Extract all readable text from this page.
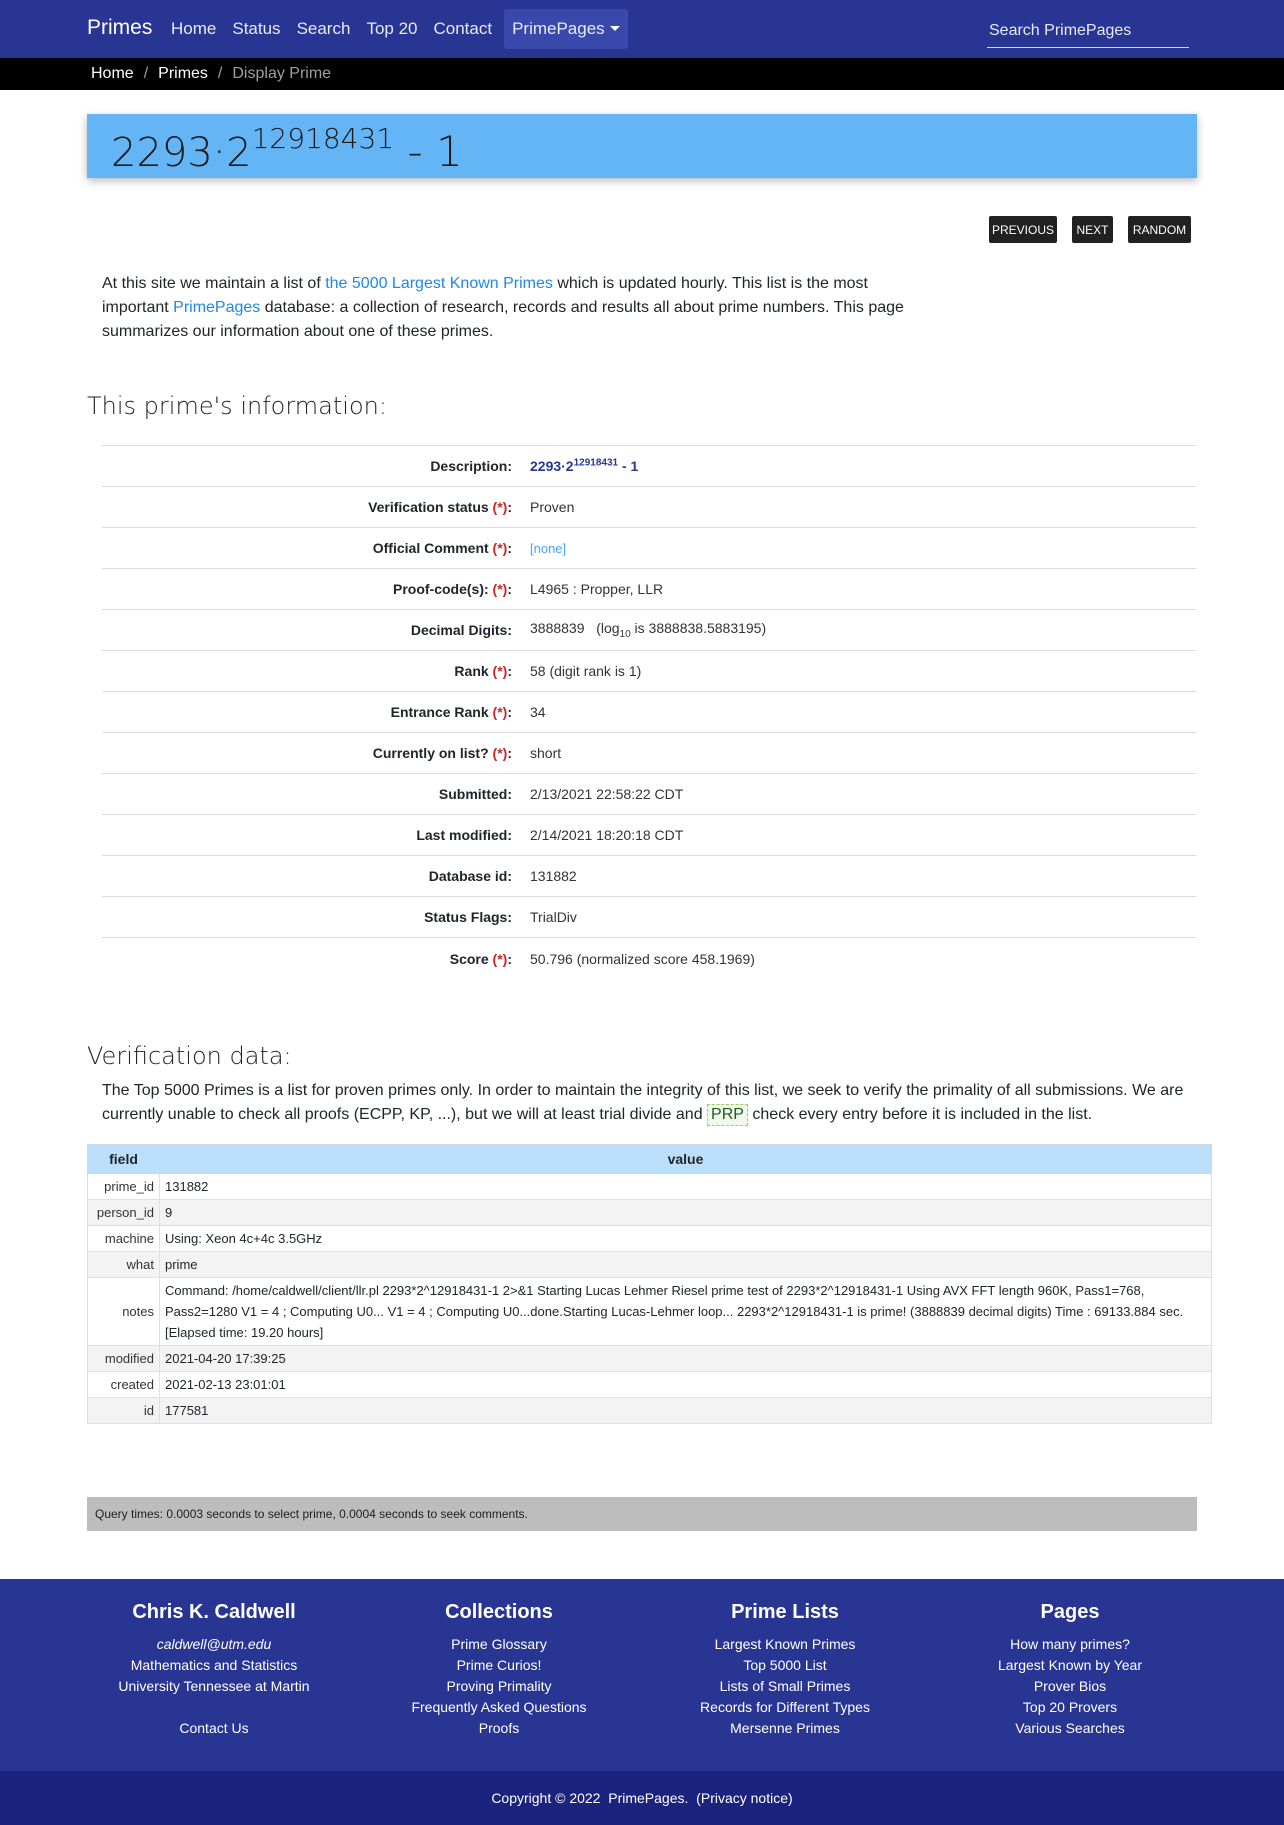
Primes	Home Status Search Top 20 Contact	PrimePages
Search PrimePages
Home / Primes / Display Prime
$2293\cdot 2^{12918431} - 1$
PREVIOUS	NEXT	RANDOM
At this site we maintain a list of the 5000 Largest Known Primes which is updated hourly. This list is the most important PrimePages database: a collection of research, records and results all about prime numbers. This page summarizes our information about one of these primes.
This prime's information:
Description:	$2293\cdot 2^{12918431} - 1$
Verification status (*):	Proven
Official Comment (*):	[none]
Proof-code(s): (*):	L4965 : Propper, LLR
Decimal Digits:	3888839 ($\log_{10}$ is 3888838.5883195)
Rank (*):	58 (digit rank is 1)
Entrance Rank (*):	34
Currently on list? (*):	short
Submitted:	2/13/2021 22:58:22 CDT
Last modified:	2/14/2021 18:20:18 CDT
Database id:	131882
Status Flags:	TrialDiv
Score (*):	50.796 (normalized score 458.1969)
Verification data:
The Top 5000 Primes is a list for proven primes only. In order to maintain the integrity of this list, we seek to verify the primality of all submissions. We are currently unable to check all proofs (ECPP, KP, ...), but we will at least trial divide and PRP check every entry before it is included in the list.
field	value
prime_id	131882
person_id	9
machine	Using: Xeon 4c+4c 3.5GHz
what	prime
notes	Command: /home/caldwell/client/llr.pl 2293*2^12918431-1 2>&1 Starting Lucas Lehmer Riesel prime test of 2293*2^12918431-1 Using AVX FFT length 960K, Pass1=768, Pass2=1280 V1 = 4 ; Computing U0... V1 = 4 ; Computing U0...done.Starting Lucas-Lehmer loop... 2293*2^12918431-1 is prime! (3888839 decimal digits) Time : 69133.884 sec. [Elapsed time: 19.20 hours]
modified	2021-04-20 17:39:25
created	2021-02-13 23:01:01
id	177581
Query times: 0.0003 seconds to select prime, 0.0004 seconds to seek comments.
Chris K. Caldwell
caldwell@utm.edu
Mathematics and Statistics
University Tennessee at Martin
Contact Us
Collections
Prime Glossary
Prime Curios!
Proving Primality
Frequently Asked Questions
Proofs
Prime Lists
Largest Known Primes
Top 5000 List
Lists of Small Primes
Records for Different Types
Mersenne Primes
Pages
How many primes?
Largest Known by Year
Prover Bios
Top 20 Provers
Various Searches
Copyright © 2022 PrimePages .  ( Privacy notice )
